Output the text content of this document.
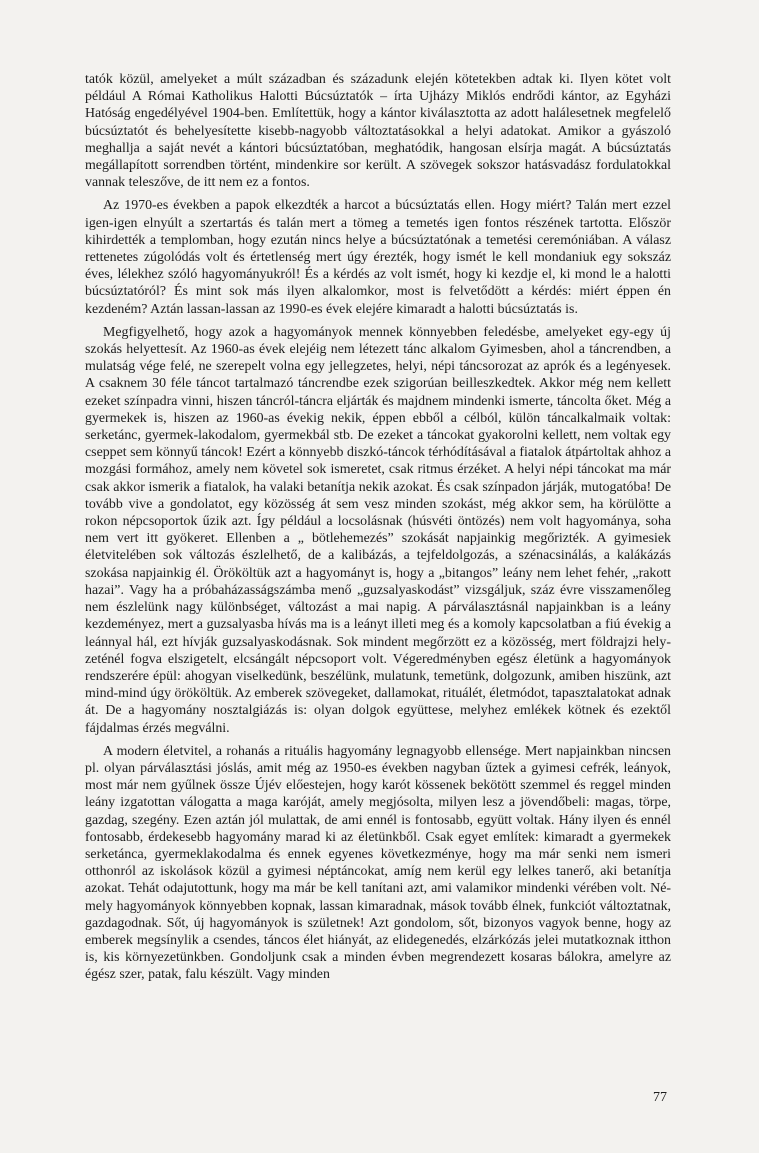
tatók közül, amelyeket a múlt században és századunk elején kötetekben adtak ki. Ilyen kötet volt például A Római Katholikus Halotti Búcsúztatók – írta Ujházy Miklós endrődi kántor, az Egyházi Hatóság engedélyével 1904-ben. Említettük, hogy a kántor kiválasztotta az adott halálesetnek megfelelő búcsúztatót és behelyesítette kisebb-nagyobb változtatásokkal a helyi adatokat. Amikor a gyászoló meghallja a saját nevét a kántori búcsúztatóban, meghatódik, hangosan elsírja magát. A búcsúztatás megállapított sorrendben történt, mindenkire sor került. A szövegek sokszor hatásvadász fordulatokkal vannak teleszőve, de itt nem ez a fontos.

Az 1970-es években a papok elkezdték a harcot a búcsúztatás ellen. Hogy miért? Talán mert ezzel igen-igen elnyúlt a szertartás és talán mert a tömeg a temetés igen fontos részének tartotta. Először kihirdették a templomban, hogy ezután nincs helye a búcsúztatónak a temetési ceremóniában. A válasz rettenetes zúgolódás volt és értetlenség mert úgy érezték, hogy ismét le kell mondaniuk egy sokszáz éves, lélekhez szóló hagyományukról! És a kérdés az volt ismét, hogy ki kezdje el, ki mond le a halotti búcsúztatóról? És mint sok más ilyen alkalomkor, most is felvetődött a kérdés: miért éppen én kezdeném? Aztán lassan-lassan az 1990-es évek elejére kimaradt a halotti búcsúztatás is.

Megfigyelhető, hogy azok a hagyományok mennek könnyebben feledésbe, amelyeket egy-egy új szokás helyettesít. Az 1960-as évek elejéig nem létezett tánc alkalom Gyimesben, ahol a táncrendben, a mulatság vége felé, ne szerepelt volna egy jellegzetes, helyi, népi táncsorozat az aprók és a legényesek. A csaknem 30 féle táncot tartalmazó táncrendbe ezek szigorúan beilleszkedtek. Akkor még nem kellett ezeket színpadra vinni, hiszen táncról-táncra eljárták és majdnem mindenki ismerte, táncolta őket. Még a gyermekek is, hiszen az 1960-as évekig nekik, éppen ebből a célból, külön táncalkalmaik voltak: serketánc, gyermek-lakodalom, gyermekbál stb. De ezeket a táncokat gyakorolni kellett, nem voltak egy cseppet sem könnyű táncok! Ezért a könnyebb diszkó-táncok térhódításával a fiatalok átpártoltak ahhoz a mozgási formához, amely nem követel sok ismeretet, csak ritmus érzéket. A helyi népi táncokat ma már csak akkor ismerik a fiatalok, ha valaki betanítja nekik azokat. És csak színpadon járják, mutogatóba! De tovább vive a gondolatot, egy közösség át sem vesz minden szokást, még akkor sem, ha körülötte a rokon népcsoportok űzik azt. Így például a locsolásnak (húsvéti öntözés) nem volt hagyománya, soha nem vert itt gyökeret. Ellenben a „ bötlehemezés” szokását napjainkig megőrizték. A gyimesiek életvitelében sok változás észlelhető, de a kalibázás, a tejfeldolgozás, a szénacsinálás, a kalákázás szokása napjainkig él. Örököltük azt a hagyományt is, hogy a „bitangos” leány nem lehet fehér, „rakott hazai”. Vagy ha a próbaházasságszámba menő „guzsalyaskodást” vizsgáljuk, száz évre visszamenőleg nem észlelünk nagy különbséget, változást a mai napig. A párválasztásnál napjainkban is a leány kezdeményez, mert a guzsalyasba hívás ma is a leányt illeti meg és a komoly kapcsolatban a fiú évekig a leánnyal hál, ezt hívják guzsalyaskodásnak. Sok mindent megőrzött ez a közösség, mert földrajzi helyzeténél fogva elszigetelt, elcsángált népcsoport volt. Végeredményben egész életünk a hagyományok rendszerére épül: ahogyan viselkedünk, beszélünk, mulatunk, temetünk, dolgozunk, amiben hiszünk, azt mind-mind úgy örököltük. Az emberek szövegeket, dallamokat, rituálét, életmódot, tapasztalatokat adnak át. De a hagyomány nosztalgiázás is: olyan dolgok együttese, melyhez emlékek kötnek és ezektől fájdalmas érzés megválni.

A modern életvitel, a rohanás a rituális hagyomány legnagyobb ellensége. Mert napjainkban nincsen pl. olyan párválasztási jóslás, amit még az 1950-es években nagyban űztek a gyimesi cefrék, leányok, most már nem gyűlnek össze Újév előestejen, hogy karót kössenek bekötött szemmel és reggel minden leány izgatottan válogatta a maga karóját, amely megjósolta, milyen lesz a jövendőbeli: magas, törpe, gazdag, szegény. Ezen aztán jól mulattak, de ami ennél is fontosabb, együtt voltak. Hány ilyen és ennél fontosabb, érdekesebb hagyomány marad ki az életünkből. Csak egyet említek: kimaradt a gyermekek serketánca, gyermeklakodalma és ennek egyenes következménye, hogy ma már senki nem ismeri otthonról az iskolások közül a gyimesi néptáncokat, amíg nem kerül egy lelkes tanerő, aki betanítja azokat. Tehát odajutottunk, hogy ma már be kell tanítani azt, ami valamikor mindenki vérében volt. Némely hagyományok könnyebben kopnak, lassan kimaradnak, mások tovább élnek, funkciót változtatnak, gazdagodnak. Sőt, új hagyományok is születnek! Azt gondolom, sőt, bizonyos vagyok benne, hogy az emberek megsínylik a csendes, táncos élet hiányát, az elidegenedés, elzárkózás jelei mutatkoznak itthon is, kis környezetünkben. Gondoljunk csak a minden évben megrendezett kosaras bálokra, amelyre az égész szer, patak, falu készült. Vagy minden

77
